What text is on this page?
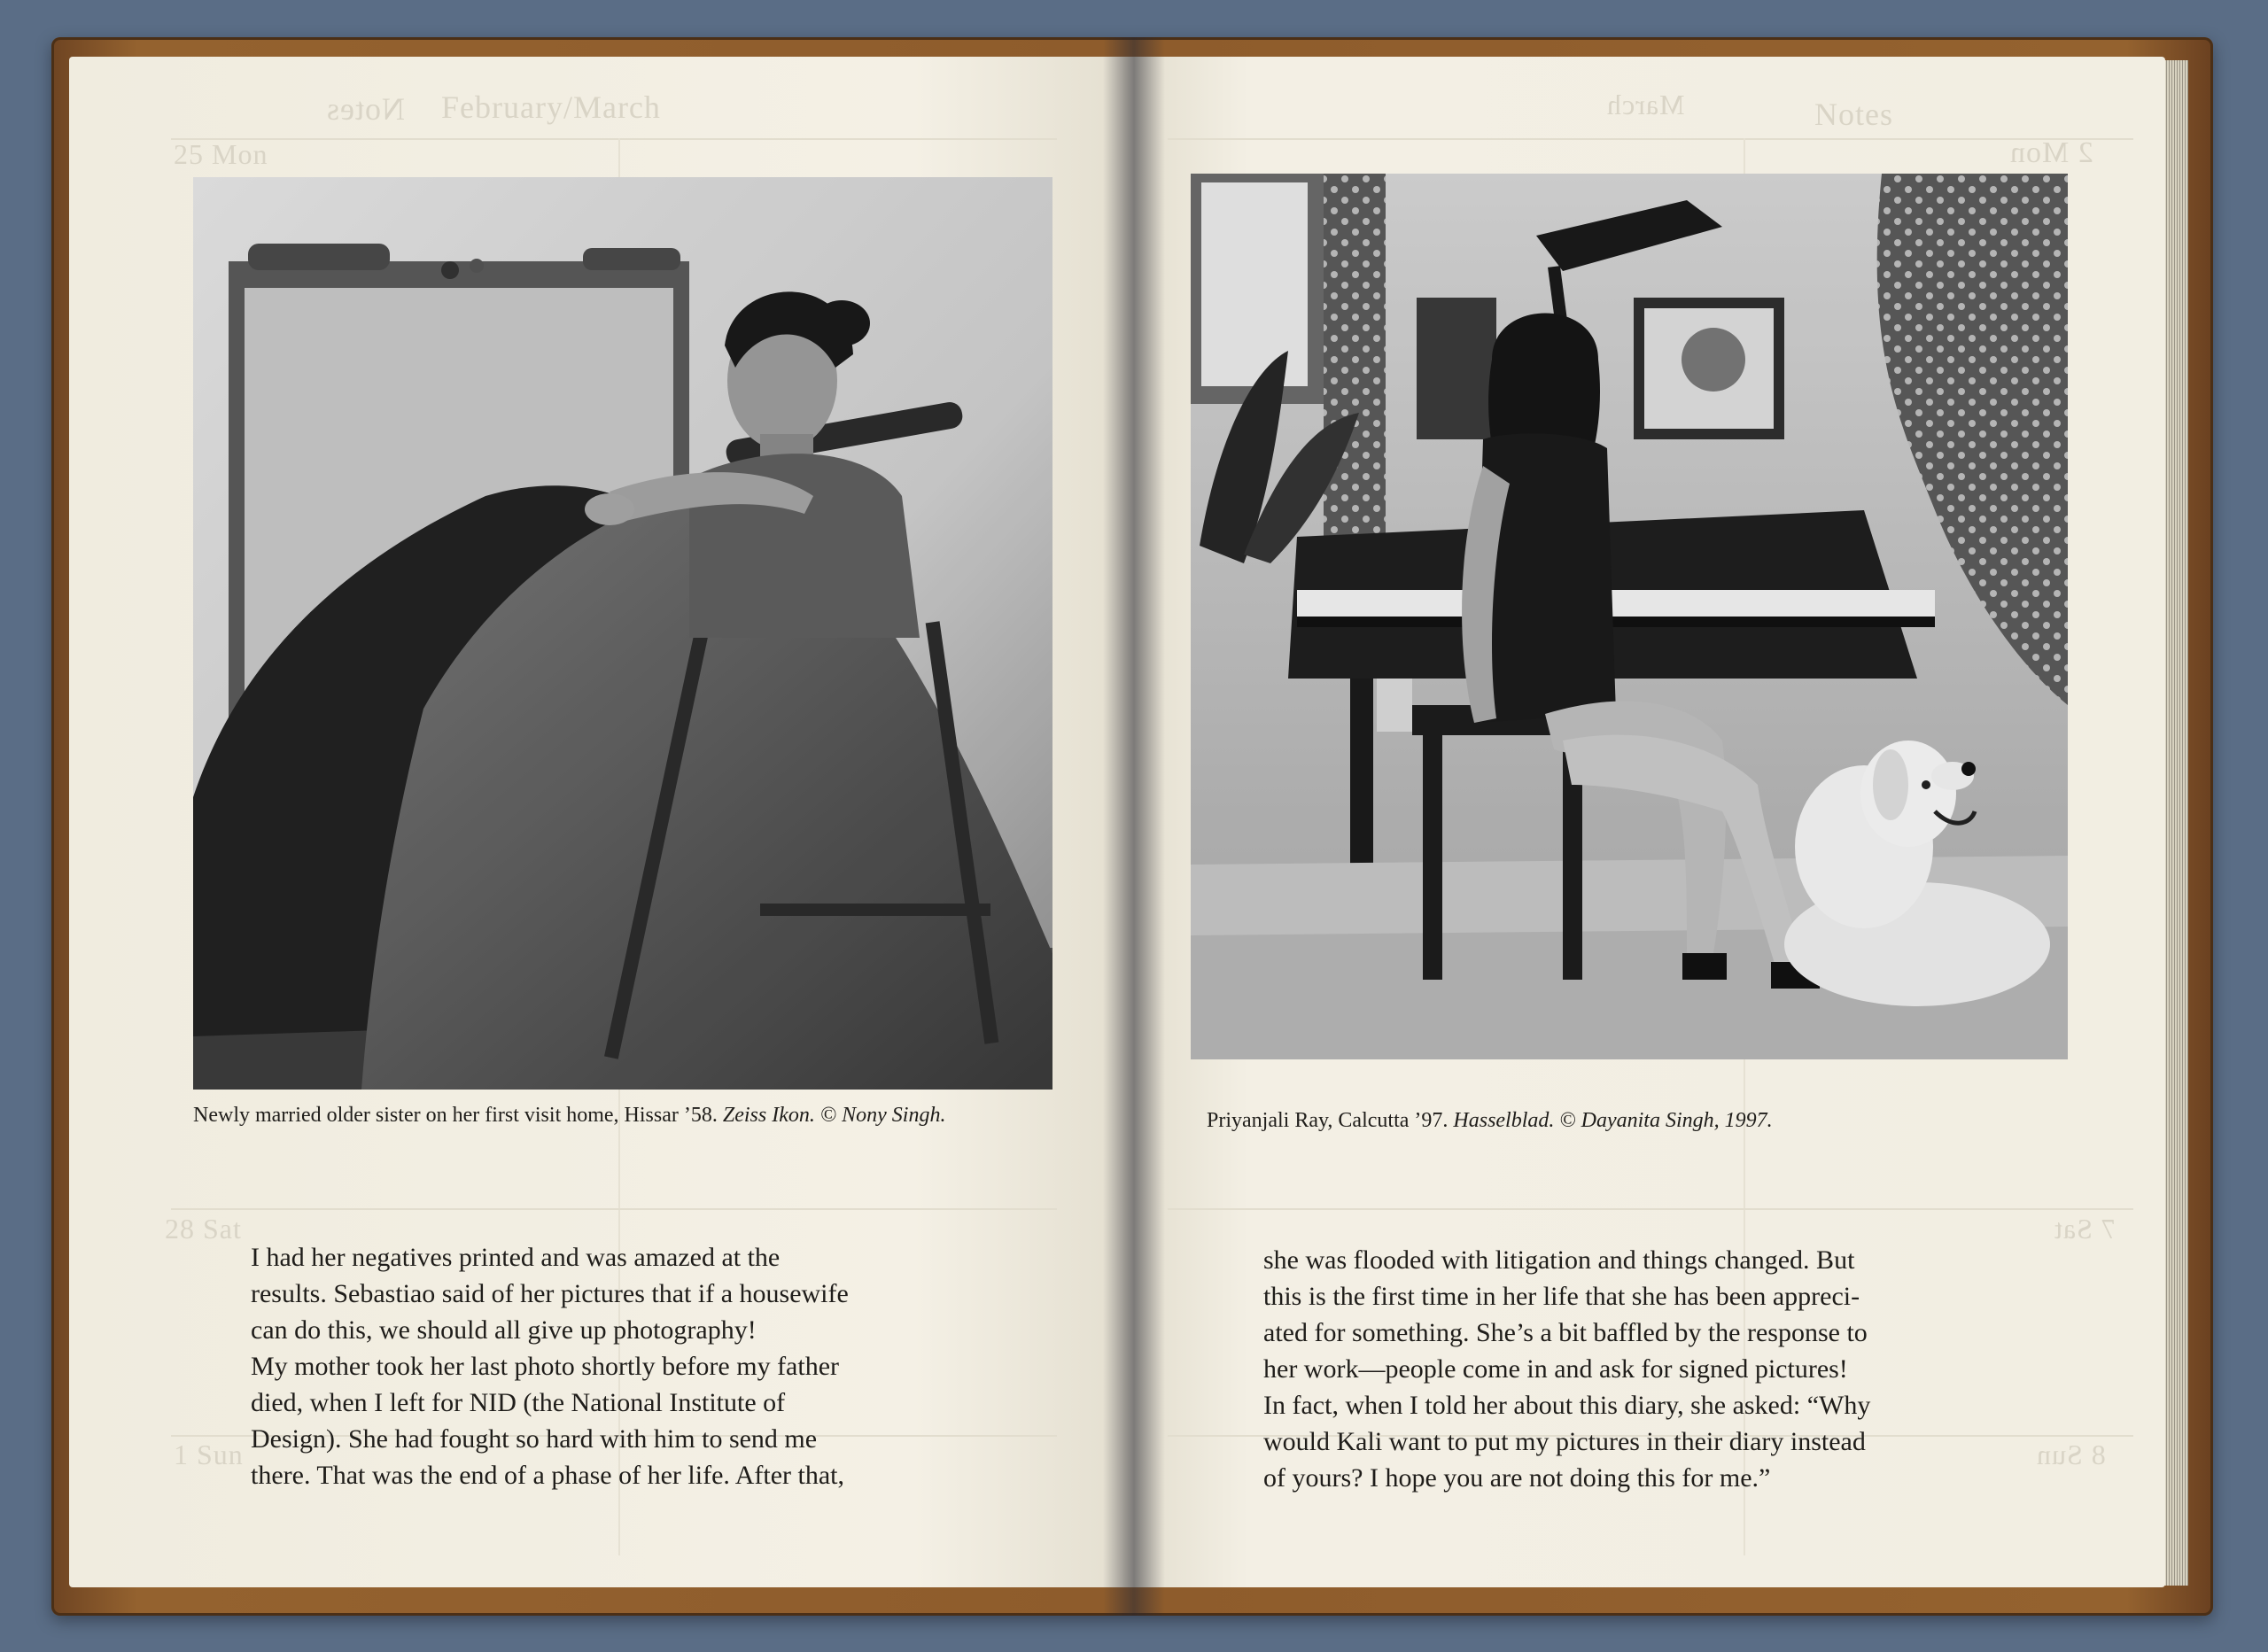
Notes February/March
25 Mon
28 Sat
1 Sun
Newly married older sister on her first visit home, Hissar ’58. Zeiss Ikon. © Nony Singh.
I had her negatives printed and was amazed at the
results. Sebastiao said of her pictures that if a housewife
can do this, we should all give up photography!
My mother took her last photo shortly before my father
died, when I left for NID (the National Institute of
Design). She had fought so hard with him to send me
there. That was the end of a phase of her life. After that,
March	Notes
2 Mon
7 Sat
8 Sun
Priyanjali Ray, Calcutta ’97. Hasselblad. © Dayanita Singh, 1997.
she was flooded with litigation and things changed. But
this is the first time in her life that she has been appreci-
ated for something. She’s a bit baffled by the response to
her work—people come in and ask for signed pictures!
In fact, when I told her about this diary, she asked: “Why
would Kali want to put my pictures in their diary instead
of yours? I hope you are not doing this for me.”
